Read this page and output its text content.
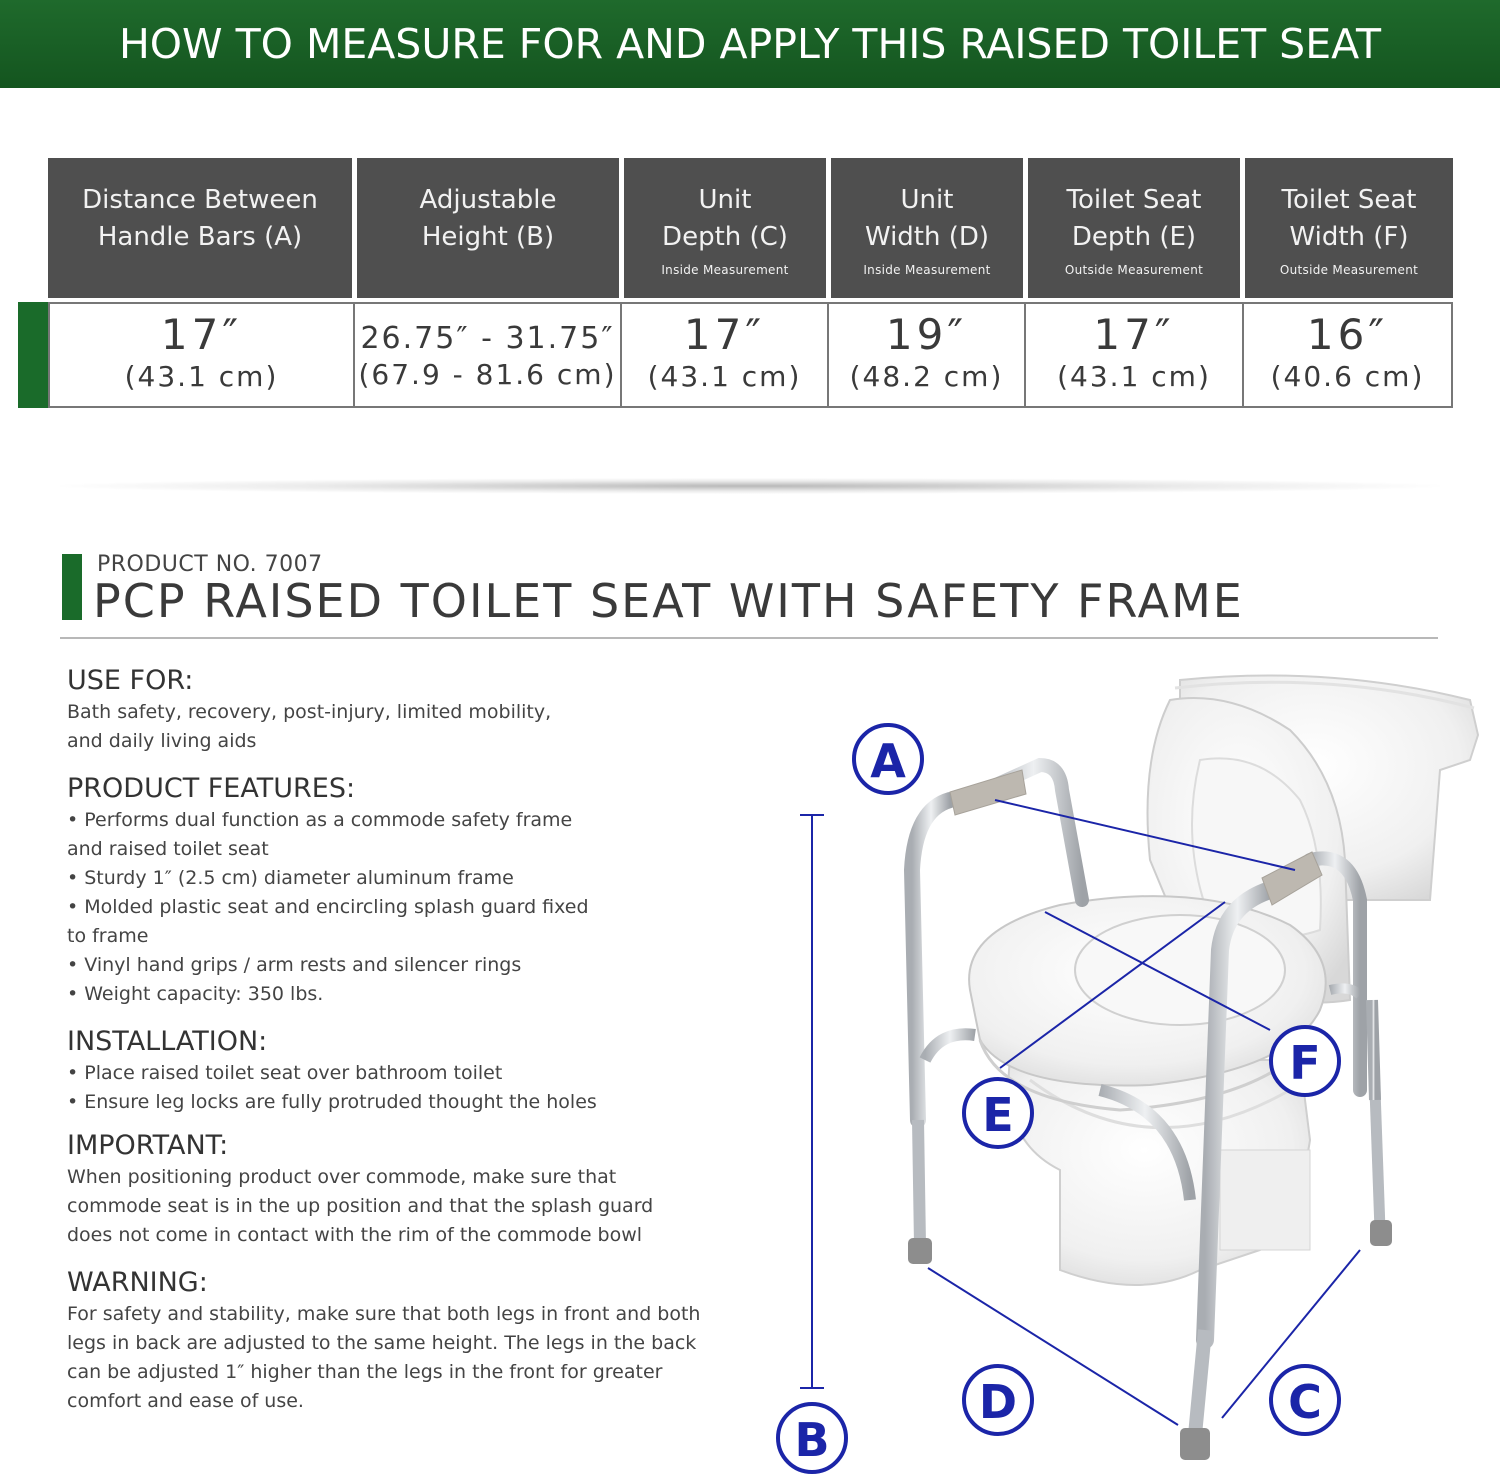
HOW TO MEASURE FOR AND APPLY THIS RAISED TOILET SEAT
Distance Between
Handle Bars (A)
Adjustable
Height (B)
Unit
Depth (C)
Inside Measurement
Unit
Width (D)
Inside Measurement
Toilet Seat
Depth (E)
Outside Measurement
Toilet Seat
Width (F)
Outside Measurement
17″
(43.1 cm)
26.75″ - 31.75″
(67.9 - 81.6 cm)
17″
(43.1 cm)
19″
(48.2 cm)
17″
(43.1 cm)
16″
(40.6 cm)
PRODUCT NO. 7007
PCP RAISED TOILET SEAT WITH SAFETY FRAME

USE FOR:

Bath safety, recovery, post-injury, limited mobility,

and daily living aids

PRODUCT FEATURES:

• Performs dual function as a commode safety frame

and raised toilet seat

• Sturdy 1″ (2.5 cm) diameter aluminum frame

• Molded plastic seat and encircling splash guard fixed

to frame

• Vinyl hand grips / arm rests and silencer rings

• Weight capacity: 350 lbs.

INSTALLATION:

• Place raised toilet seat over bathroom toilet

• Ensure leg locks are fully protruded thought the holes

IMPORTANT:

When positioning product over commode, make sure that

commode seat is in the up position and that the splash guard

does not come in contact with the rim of the commode bowl

WARNING:

For safety and stability, make sure that both legs in front and both

legs in back are adjusted to the same height. The legs in the back

can be adjusted 1″ higher than the legs in the front for greater

comfort and ease of use.

A
B
C
D
E
F
